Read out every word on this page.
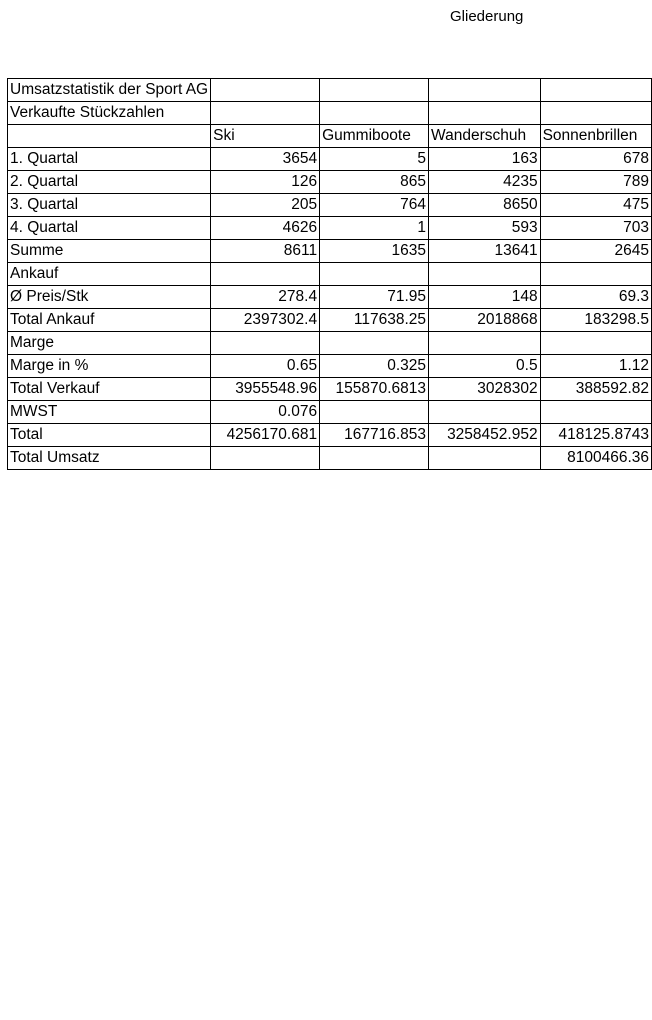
Gliederung
Umsatzstatistik der Sport AG				
Verkaufte Stückzahlen				
	Ski	Gummiboote	Wanderschuh	Sonnenbrillen
1. Quartal	3654	5	163	678
2. Quartal	126	865	4235	789
3. Quartal	205	764	8650	475
4. Quartal	4626	1	593	703
Summe	8611	1635	13641	2645
Ankauf				
Ø Preis/Stk	278.4	71.95	148	69.3
Total Ankauf	2397302.4	117638.25	2018868	183298.5
Marge				
Marge in %	0.65	0.325	0.5	1.12
Total Verkauf	3955548.96	155870.6813	3028302	388592.82
MWST	0.076			
Total	4256170.681	167716.853	3258452.952	418125.8743
Total Umsatz				8100466.36
